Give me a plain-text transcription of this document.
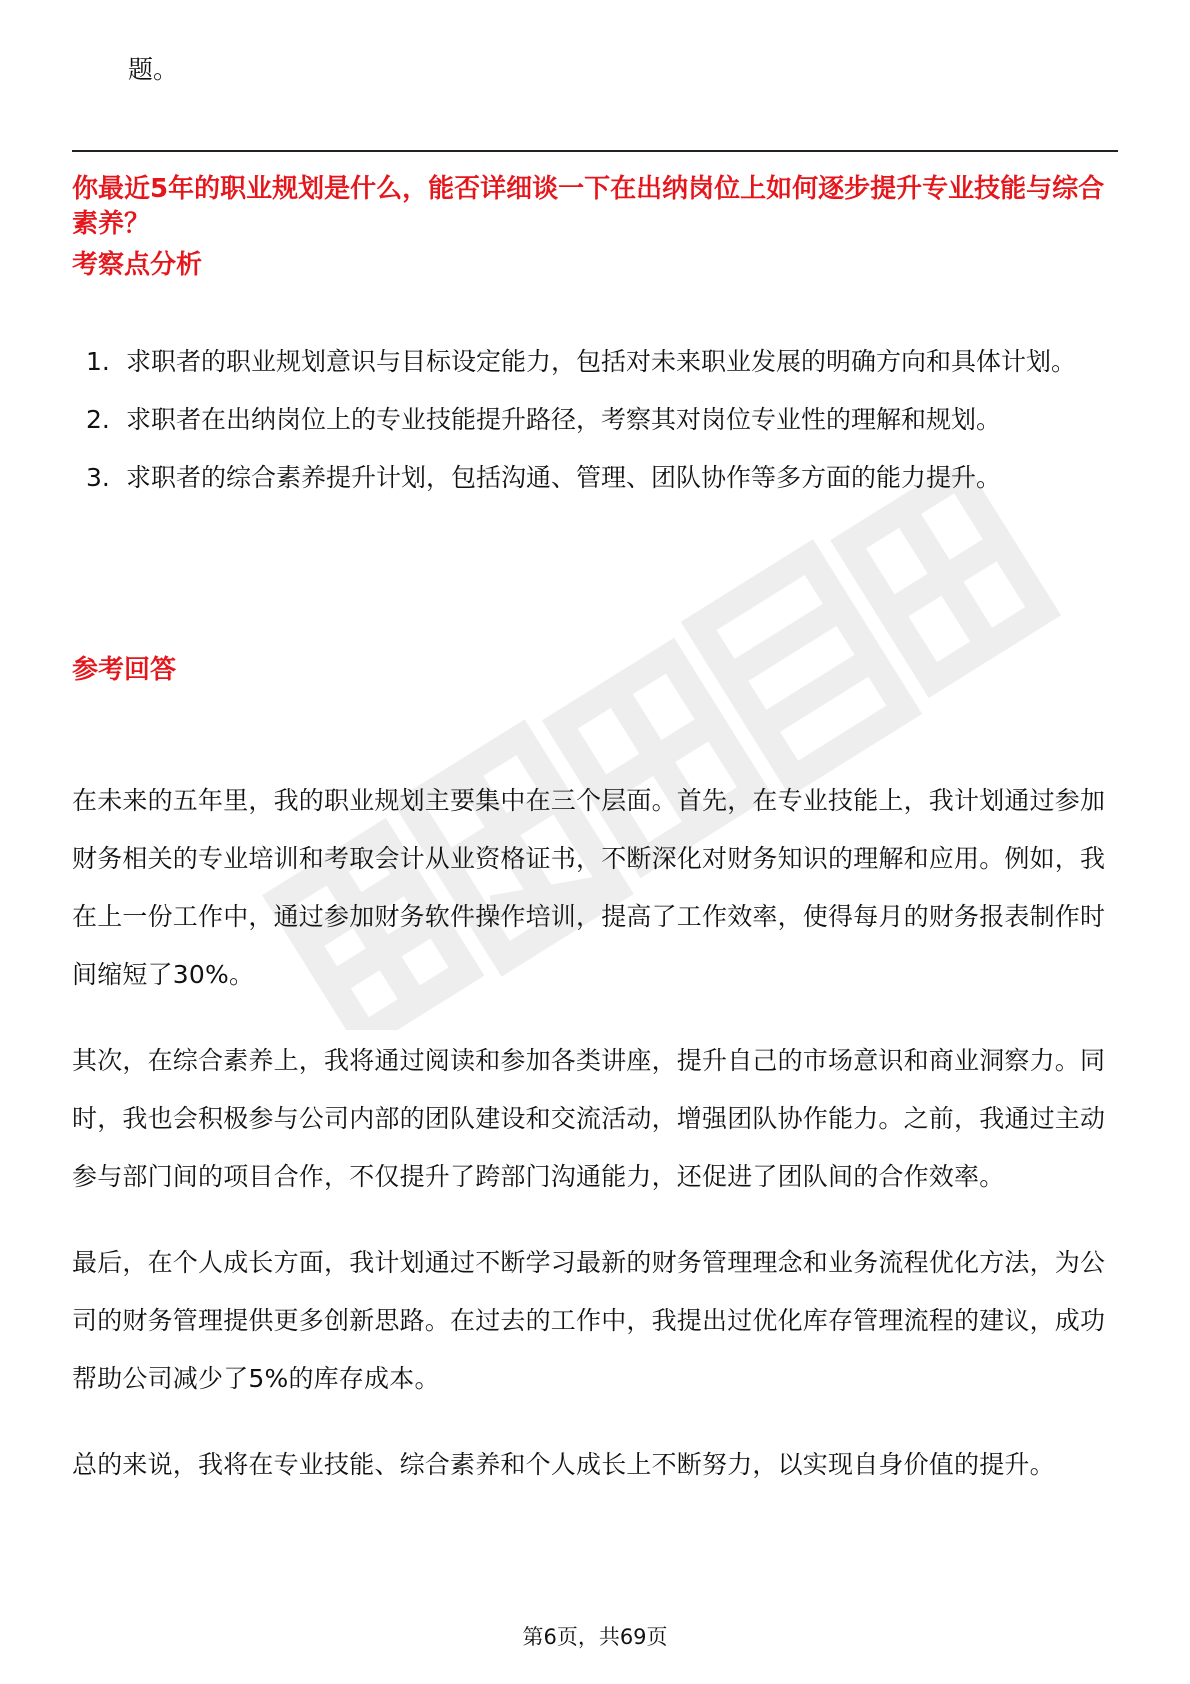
题。
你最近5年的职业规划是什么，能否详细谈一下在出纳岗位上如何逐步提升专业技能与综合素养？
考察点分析
1. 求职者的职业规划意识与目标设定能力，包括对未来职业发展的明确方向和具体计划。
2. 求职者在出纳岗位上的专业技能提升路径，考察其对岗位专业性的理解和规划。
3. 求职者的综合素养提升计划，包括沟通、管理、团队协作等多方面的能力提升。
参考回答

在未来的五年里，我的职业规划主要集中在三个层面。首先，在专业技能上，我计划通过参加财务相关的专业培训和考取会计从业资格证书，不断深化对财务知识的理解和应用。例如，我在上一份工作中，通过参加财务软件操作培训，提高了工作效率，使得每月的财务报表制作时间缩短了30%。

其次，在综合素养上，我将通过阅读和参加各类讲座，提升自己的市场意识和商业洞察力。同时，我也会积极参与公司内部的团队建设和交流活动，增强团队协作能力。之前，我通过主动参与部门间的项目合作，不仅提升了跨部门沟通能力，还促进了团队间的合作效率。

最后，在个人成长方面，我计划通过不断学习最新的财务管理理念和业务流程优化方法，为公司的财务管理提供更多创新思路。在过去的工作中，我提出过优化库存管理流程的建议，成功帮助公司减少了5%的库存成本。

总的来说，我将在专业技能、综合素养和个人成长上不断努力，以实现自身价值的提升。

第6页，共69页
